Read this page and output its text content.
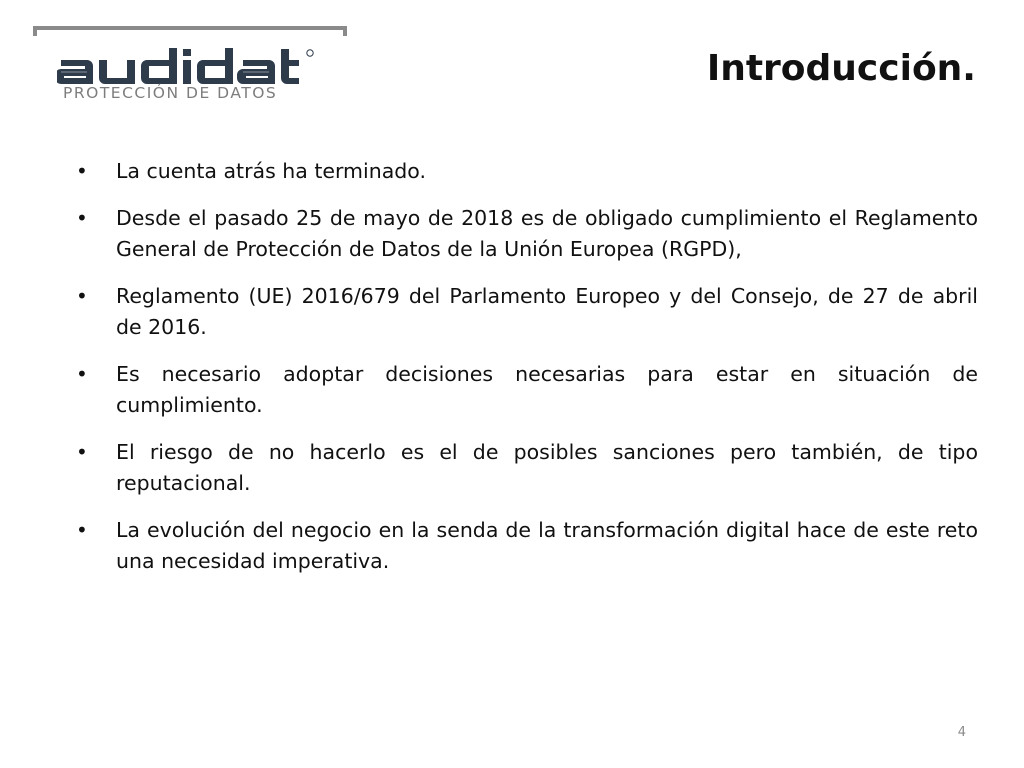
PROTECCIÓN DE DATOS
Introducción.
• La cuenta atrás ha terminado.
• Desde el pasado 25 de mayo de 2018 es de obligado cumplimiento el Reglamento General de Protección de Datos de la Unión Europea (RGPD),
• Reglamento (UE) 2016/679 del Parlamento Europeo y del Consejo, de 27 de abril de 2016.
• Es necesario adoptar decisiones necesarias para estar en situación de cumplimiento.
• El riesgo de no hacerlo es el de posibles sanciones pero también, de tipo reputacional.
• La evolución del negocio en la senda de la transformación digital hace de este reto una necesidad imperativa.
4
